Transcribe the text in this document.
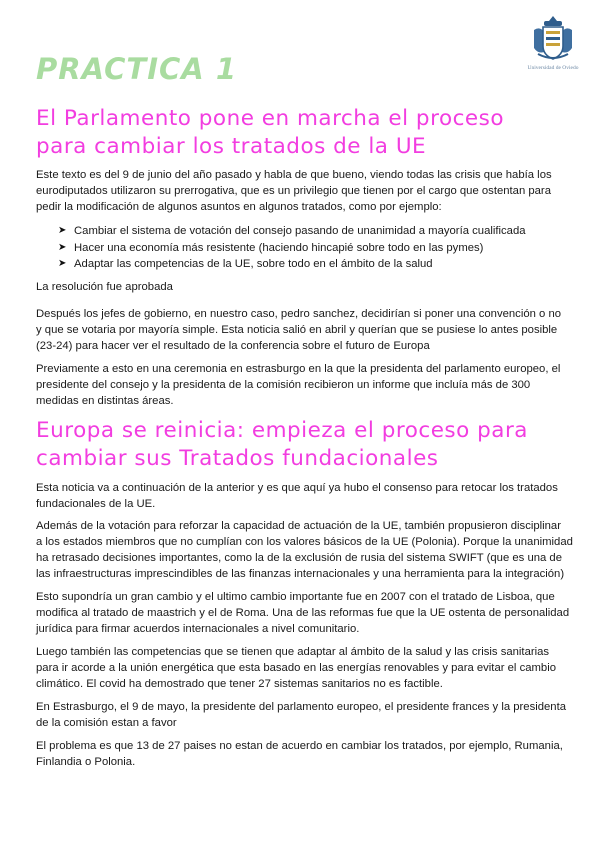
Universidad de Oviedo
PRACTICA 1
El Parlamento pone en marcha el proceso
para cambiar los tratados de la UE
Este texto es del 9 de junio del año pasado y habla de que bueno, viendo todas las crisis que había los
eurodiputados utilizaron su prerrogativa, que es un privilegio que tienen por el cargo que ostentan para
pedir la modificación de algunos asuntos en algunos tratados, como por ejemplo:
➤ Cambiar el sistema de votación del consejo pasando de unanimidad a mayoría cualificada
➤ Hacer una economía más resistente (haciendo hincapié sobre todo en las pymes)
➤ Adaptar las competencias de la UE, sobre todo en el ámbito de la salud
La resolución fue aprobada
Después los jefes de gobierno, en nuestro caso, pedro sanchez, decidirían si poner una convención o no
y que se votaria por mayoría simple. Esta noticia salió en abril y querían que se pusiese lo antes posible
(23-24) para hacer ver el resultado de la conferencia sobre el futuro de Europa
Previamente a esto en una ceremonia en estrasburgo en la que la presidenta del parlamento europeo, el
presidente del consejo y la presidenta de la comisión recibieron un informe que incluía más de 300
medidas en distintas áreas.
Europa se reinicia: empieza el proceso para
cambiar sus Tratados fundacionales
Esta noticia va a continuación de la anterior y es que aquí ya hubo el consenso para retocar los tratados
fundacionales de la UE.
Además de la votación para reforzar la capacidad de actuación de la UE, también propusieron disciplinar
a los estados miembros que no cumplían con los valores básicos de la UE (Polonia). Porque la unanimidad
ha retrasado decisiones importantes, como la de la exclusión de rusia del sistema SWIFT (que es una de
las infraestructuras imprescindibles de las finanzas internacionales y una herramienta para la integración)
Esto supondría un gran cambio y el ultimo cambio importante fue en 2007 con el tratado de Lisboa, que
modifica al tratado de maastrich y el de Roma. Una de las reformas fue que la UE ostenta de personalidad
jurídica para firmar acuerdos internacionales a nivel comunitario.
Luego también las competencias que se tienen que adaptar al ámbito de la salud y las crisis sanitarias
para ir acorde a la unión energética que esta basado en las energías renovables y para evitar el cambio
climático. El covid ha demostrado que tener 27 sistemas sanitarios no es factible.
En Estrasburgo, el 9 de mayo, la presidente del parlamento europeo, el presidente frances y la presidenta
de la comisión estan a favor
El problema es que 13 de 27 paises no estan de acuerdo en cambiar los tratados, por ejemplo, Rumania,
Finlandia o Polonia.
